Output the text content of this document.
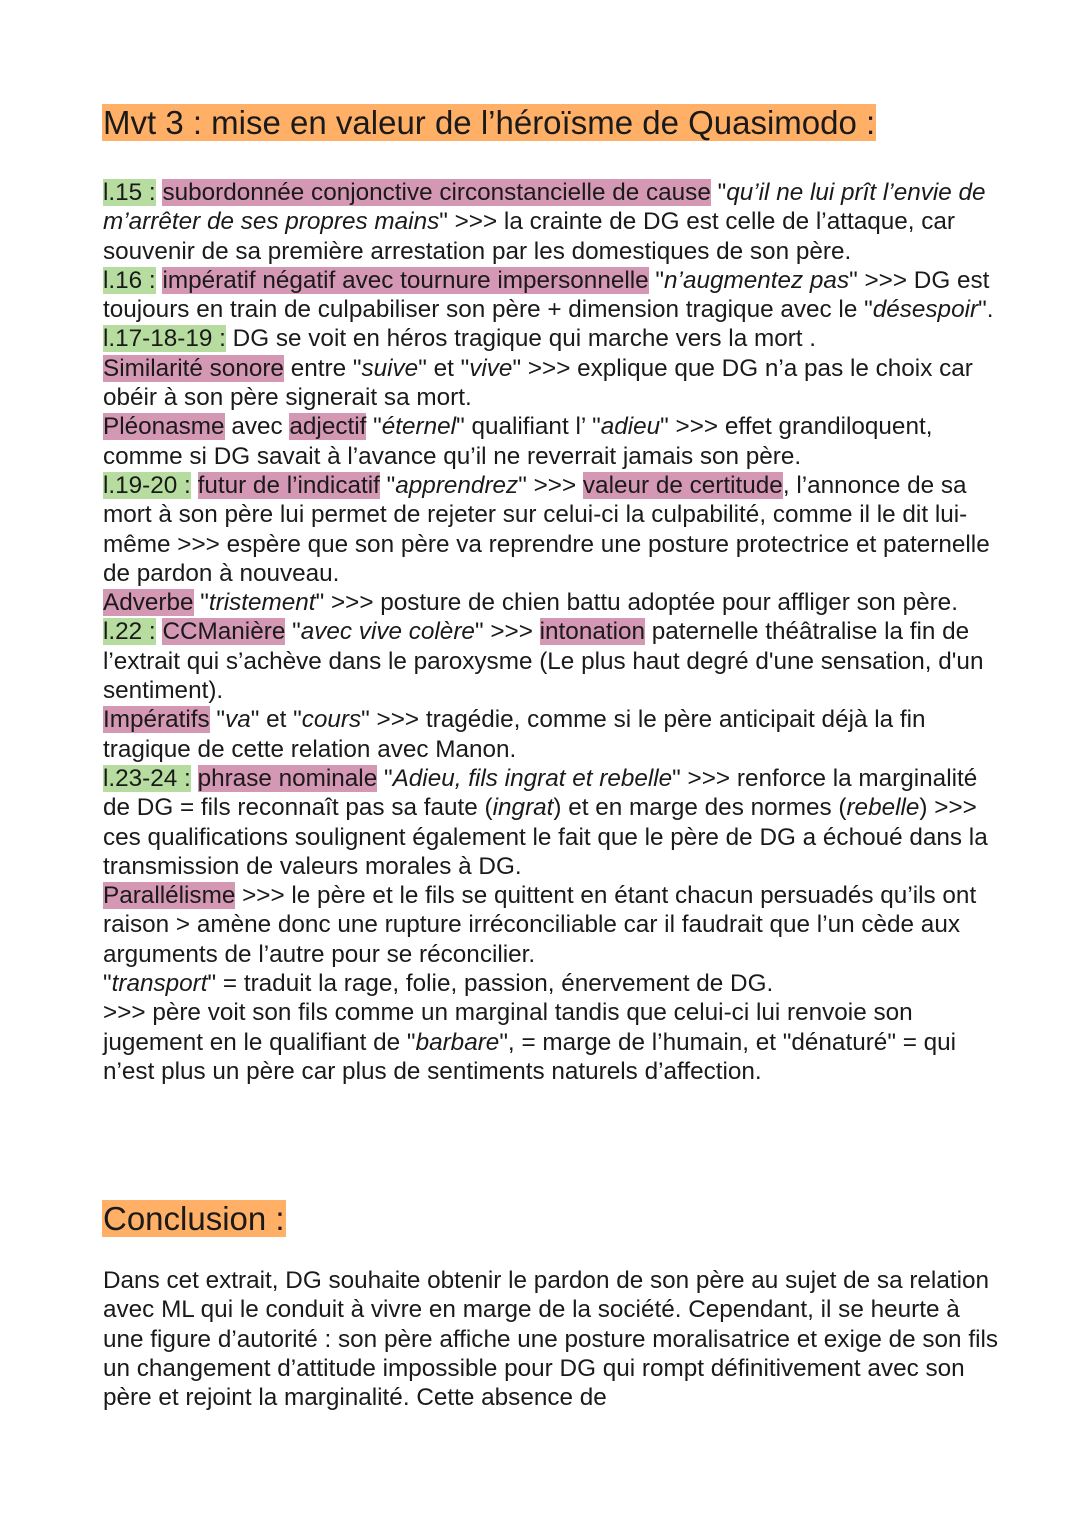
Mvt 3 : mise en valeur de l’héroïsme de Quasimodo :

l.15 : subordonnée conjonctive circonstancielle de cause "qu’il ne lui prît l’envie de m’arrêter de ses propres mains" >>> la crainte de DG est celle de l’attaque, car souvenir de sa première arrestation par les domestiques de son père.

l.16 : impératif négatif avec tournure impersonnelle "n’augmentez pas" >>> DG est toujours en train de culpabiliser son père + dimension tragique avec le "désespoir".

l.17-18-19 : DG se voit en héros tragique qui marche vers la mort .

Similarité sonore entre "suive" et "vive" >>> explique que DG n’a pas le choix car obéir à son père signerait sa mort.

Pléonasme avec adjectif "éternel" qualifiant l’ "adieu" >>> effet grandiloquent, comme si DG savait à l’avance qu’il ne reverrait jamais son père.

l.19-20 : futur de l’indicatif "apprendrez" >>> valeur de certitude, l’annonce de sa mort à son père lui permet de rejeter sur celui-ci la culpabilité, comme il le dit lui-même >>> espère que son père va reprendre une posture protectrice et paternelle de pardon à nouveau.

Adverbe "tristement" >>> posture de chien battu adoptée pour affliger son père.

l.22 : CCManière "avec vive colère" >>> intonation paternelle théâtralise la fin de l’extrait qui s’achève dans le paroxysme (Le plus haut degré d'une sensation, d'un sentiment).

Impératifs "va" et "cours" >>> tragédie, comme si le père anticipait déjà la fin tragique de cette relation avec Manon.

l.23-24 : phrase nominale "Adieu, fils ingrat et rebelle" >>> renforce la marginalité de DG = fils reconnaît pas sa faute (ingrat) et en marge des normes (rebelle) >>> ces qualifications soulignent également le fait que le père de DG a échoué dans la transmission de valeurs morales à DG.

Parallélisme >>> le père et le fils se quittent en étant chacun persuadés qu’ils ont raison > amène donc une rupture irréconciliable car il faudrait que l’un cède aux arguments de l’autre pour se réconcilier.

"transport" = traduit la rage, folie, passion, énervement de DG.

>>> père voit son fils comme un marginal tandis que celui-ci lui renvoie son jugement en le qualifiant de "barbare", = marge de l’humain, et "dénaturé" = qui n’est plus un père car plus de sentiments naturels d’affection.

Conclusion :

Dans cet extrait, DG souhaite obtenir le pardon de son père au sujet de sa relation avec ML qui le conduit à vivre en marge de la société. Cependant, il se heurte à une figure d’autorité : son père affiche une posture moralisatrice et exige de son fils un changement d’attitude impossible pour DG qui rompt définitivement avec son père et rejoint la marginalité. Cette absence de
